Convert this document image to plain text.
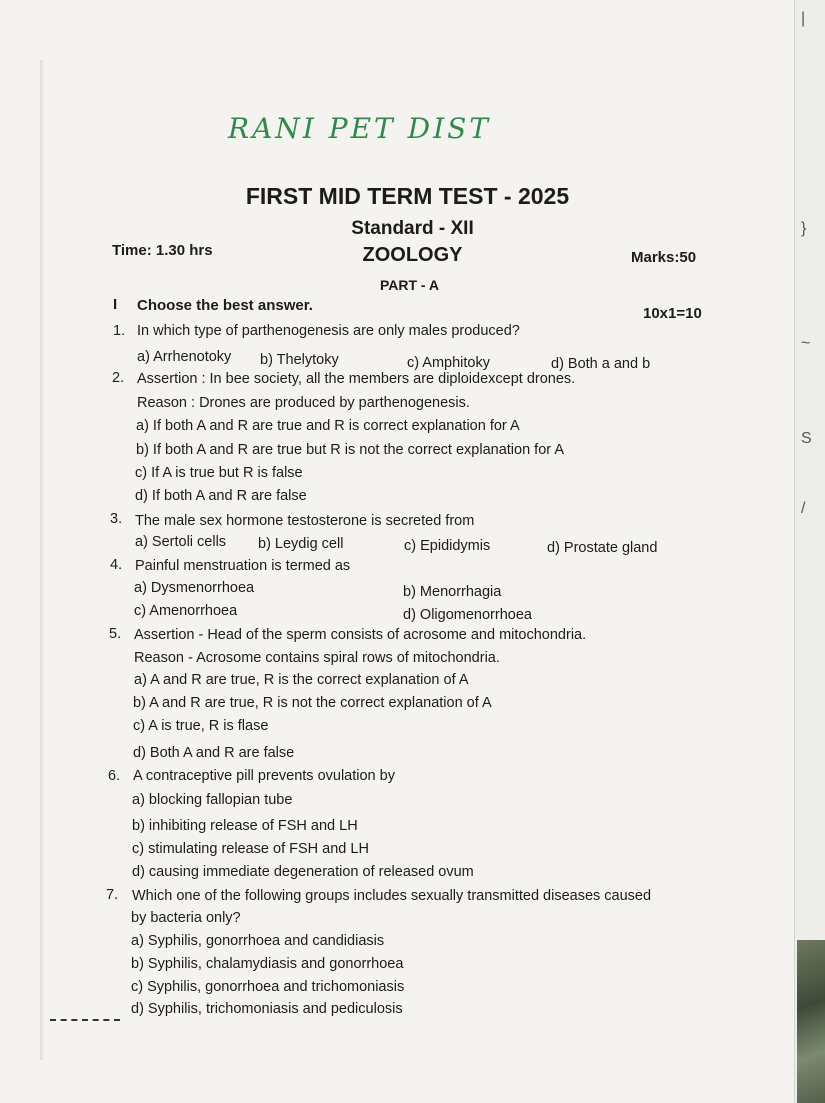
|
}
~
S
/
RANI PET DIST
FIRST MID TERM TEST - 2025
Standard - XII
ZOOLOGY
PART - A
Time: 1.30 hrs	Marks:50
I Choose the best answer.	10x1=10
1. In which type of parthenogenesis are only males produced?
a) Arrhenotoky b) Thelytoky	c) Amphitoky	d) Both a and b
2. Assertion : In bee society, all the members are diploidexcept drones.
Reason : Drones are produced by parthenogenesis.
a) If both A and R are true and R is correct explanation for A
b) If both A and R are true but R is not the correct explanation for A
c) If A is true but R is false
d) If both A and R are false
3. The male sex hormone testosterone is secreted from
a) Sertoli cells b) Leydig cell	c) Epididymis	d) Prostate gland
4. Painful menstruation is termed as
a) Dysmenorrhoea	b) Menorrhagia
c) Amenorrhoea	d) Oligomenorrhoea
5. Assertion - Head of the sperm consists of acrosome and mitochondria.
Reason - Acrosome contains spiral rows of mitochondria.
a) A and R are true, R is the correct explanation of A
b) A and R are true, R is not the correct explanation of A
c) A is true, R is flase
d) Both A and R are false
6. A contraceptive pill prevents ovulation by
a) blocking fallopian tube
b) inhibiting release of FSH and LH
c) stimulating release of FSH and LH
d) causing immediate degeneration of released ovum
7. Which one of the following groups includes sexually transmitted diseases caused
by bacteria only?
a) Syphilis, gonorrhoea and candidiasis
b) Syphilis, chalamydiasis and gonorrhoea
c) Syphilis, gonorrhoea and trichomoniasis
d) Syphilis, trichomoniasis and pediculosis
